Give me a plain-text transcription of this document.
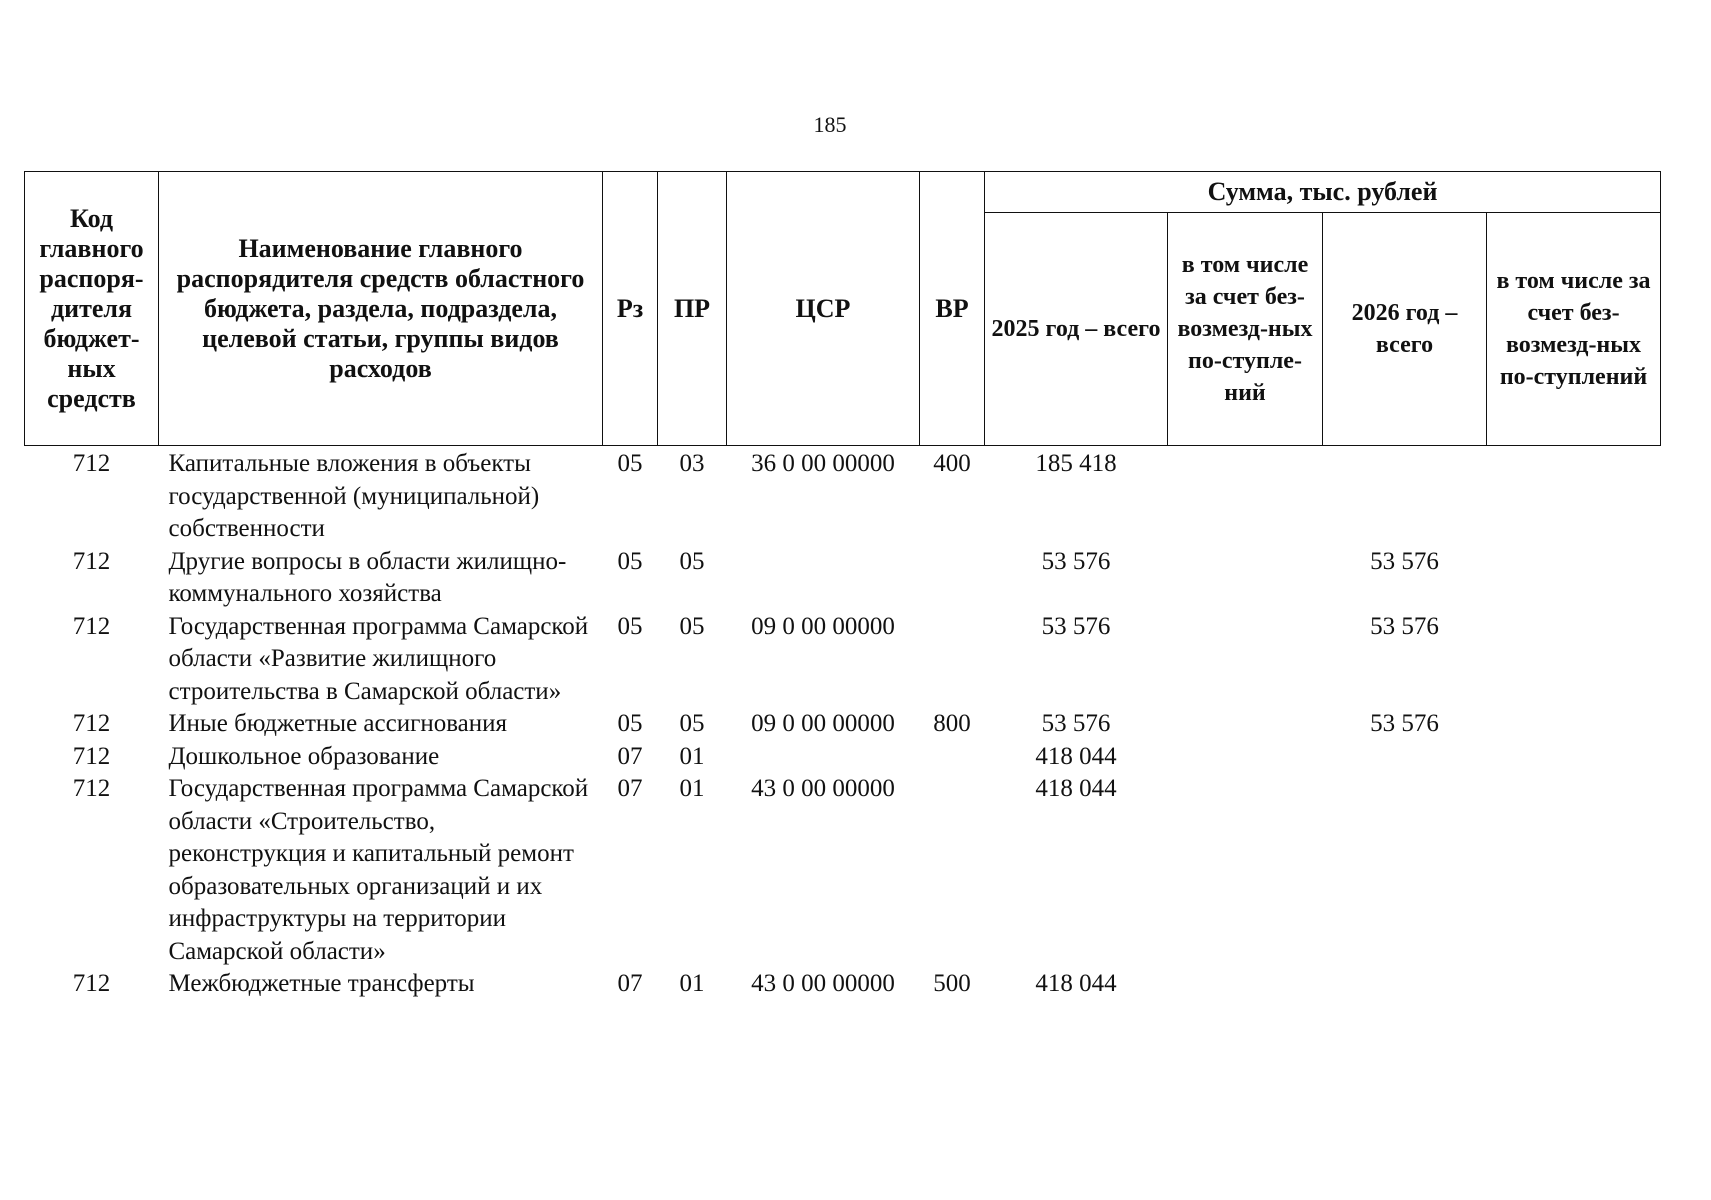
185
Код главного распоря-дителя бюджет-ных средств	Наименование главного распорядителя средств областного бюджета, раздела, подраздела, целевой статьи, группы видов расходов	Рз	ПР	ЦСР	ВР	Сумма, тыс. рублей			
						2025 год – всего	в том числе за счет без-возмезд-ных по-ступле-ний	2026 год – всего	в том числе за счет без-возмезд-ных по-ступлений
712	Капитальные вложения в объекты государственной (муниципальной) собственности	05	03	36 0 00 00000	400	185 418			
712	Другие вопросы в области жилищно-коммунального хозяйства	05	05			53 576		53 576	
712	Государственная программа Самарской области «Развитие жилищного строительства в Самарской области»	05	05	09 0 00 00000		53 576		53 576	
712	Иные бюджетные ассигнования	05	05	09 0 00 00000	800	53 576		53 576	
712	Дошкольное образование	07	01			418 044			
712	Государственная программа Самарской области «Строительство, реконструкция и капитальный ремонт образовательных организаций и их инфраструктуры на территории Самарской области»	07	01	43 0 00 00000		418 044			
712	Межбюджетные трансферты	07	01	43 0 00 00000	500	418 044			
